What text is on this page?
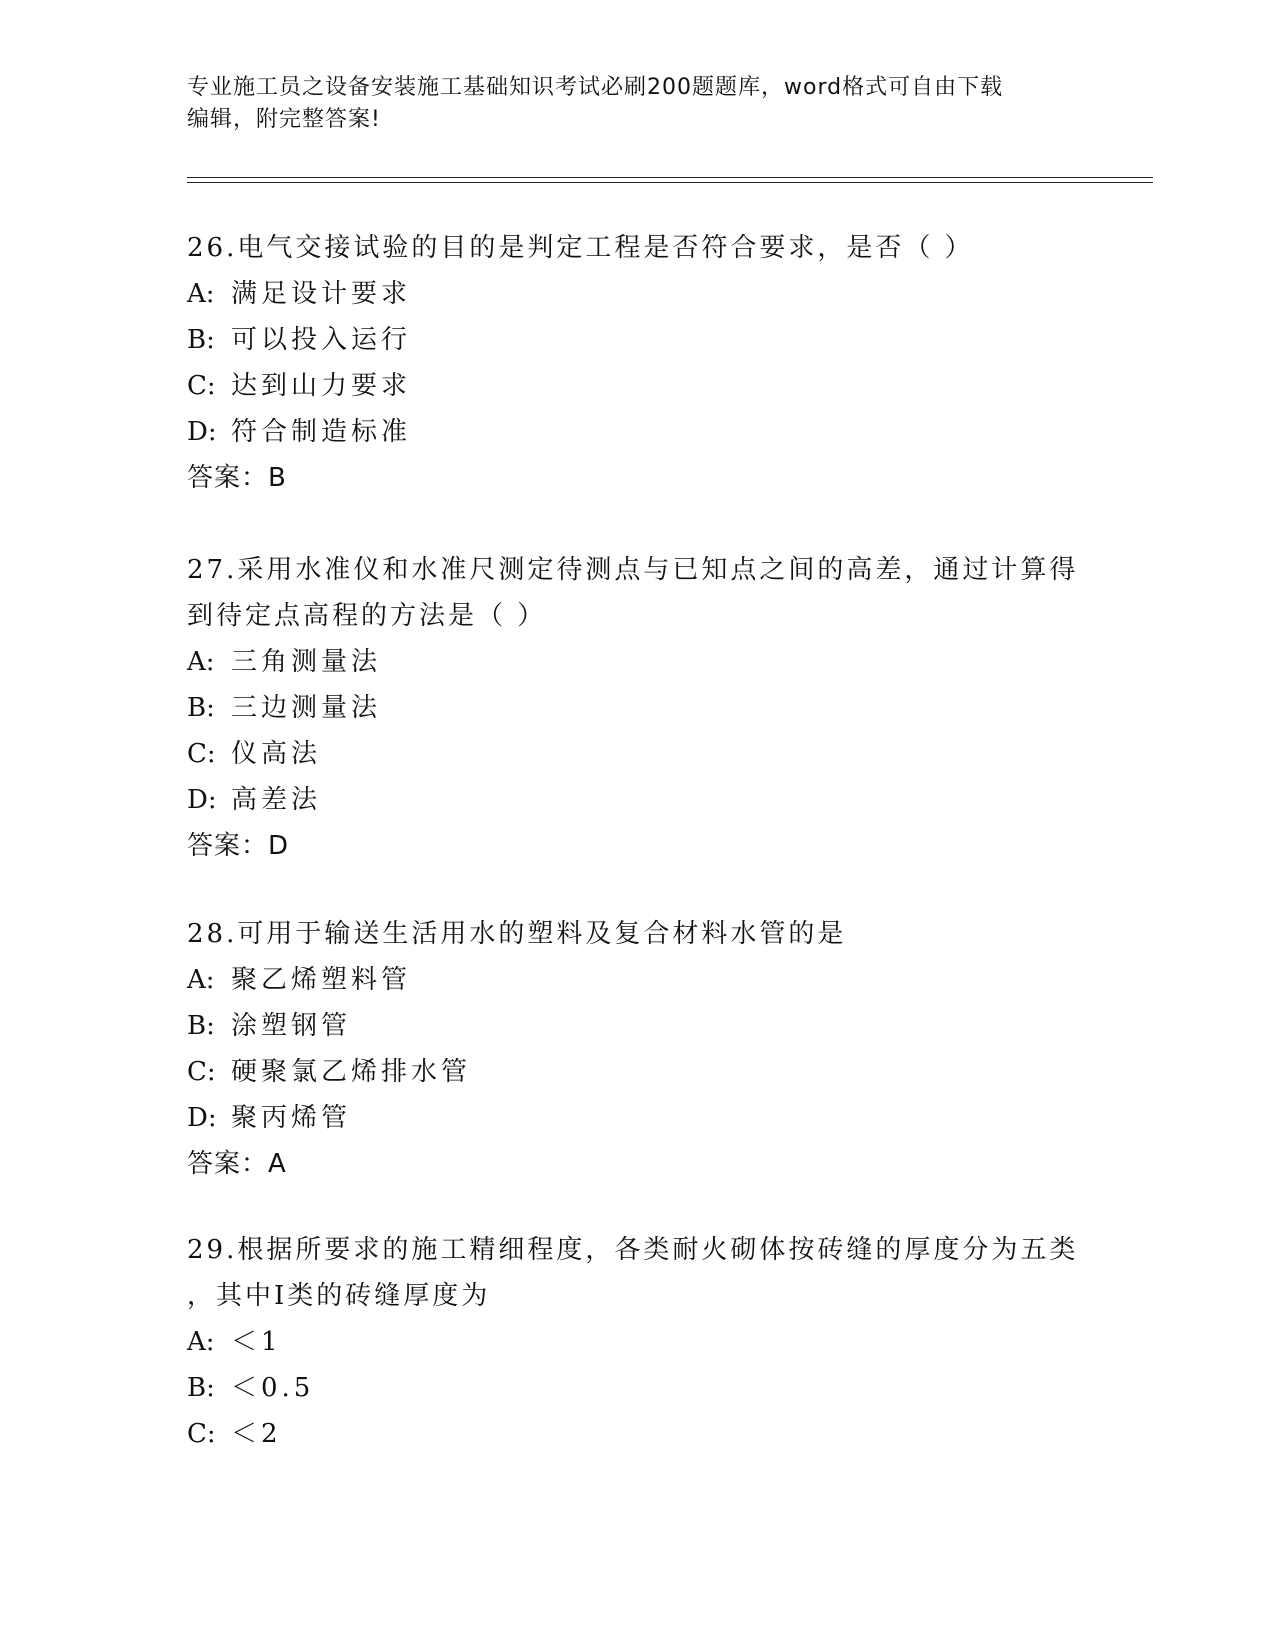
专业施工员之设备安装施工基础知识考试必刷200题题库，word格式可自由下载
编辑，附完整答案!
26.电气交接试验的目的是判定工程是否符合要求，是否（ ）
A: 满足设计要求
B: 可以投入运行
C: 达到山力要求
D: 符合制造标准
答案：B
27.采用水准仪和水准尺测定待测点与已知点之间的高差，通过计算得
到待定点高程的方法是（ ）
A: 三角测量法
B: 三边测量法
C: 仪高法
D: 高差法
答案：D
28.可用于输送生活用水的塑料及复合材料水管的是
A: 聚乙烯塑料管
B: 涂塑钢管
C: 硬聚氯乙烯排水管
D: 聚丙烯管
答案：A
29.根据所要求的施工精细程度，各类耐火砌体按砖缝的厚度分为五类
，其中Ⅰ类的砖缝厚度为
A: ＜1
B: ＜0.5
C: ＜2
